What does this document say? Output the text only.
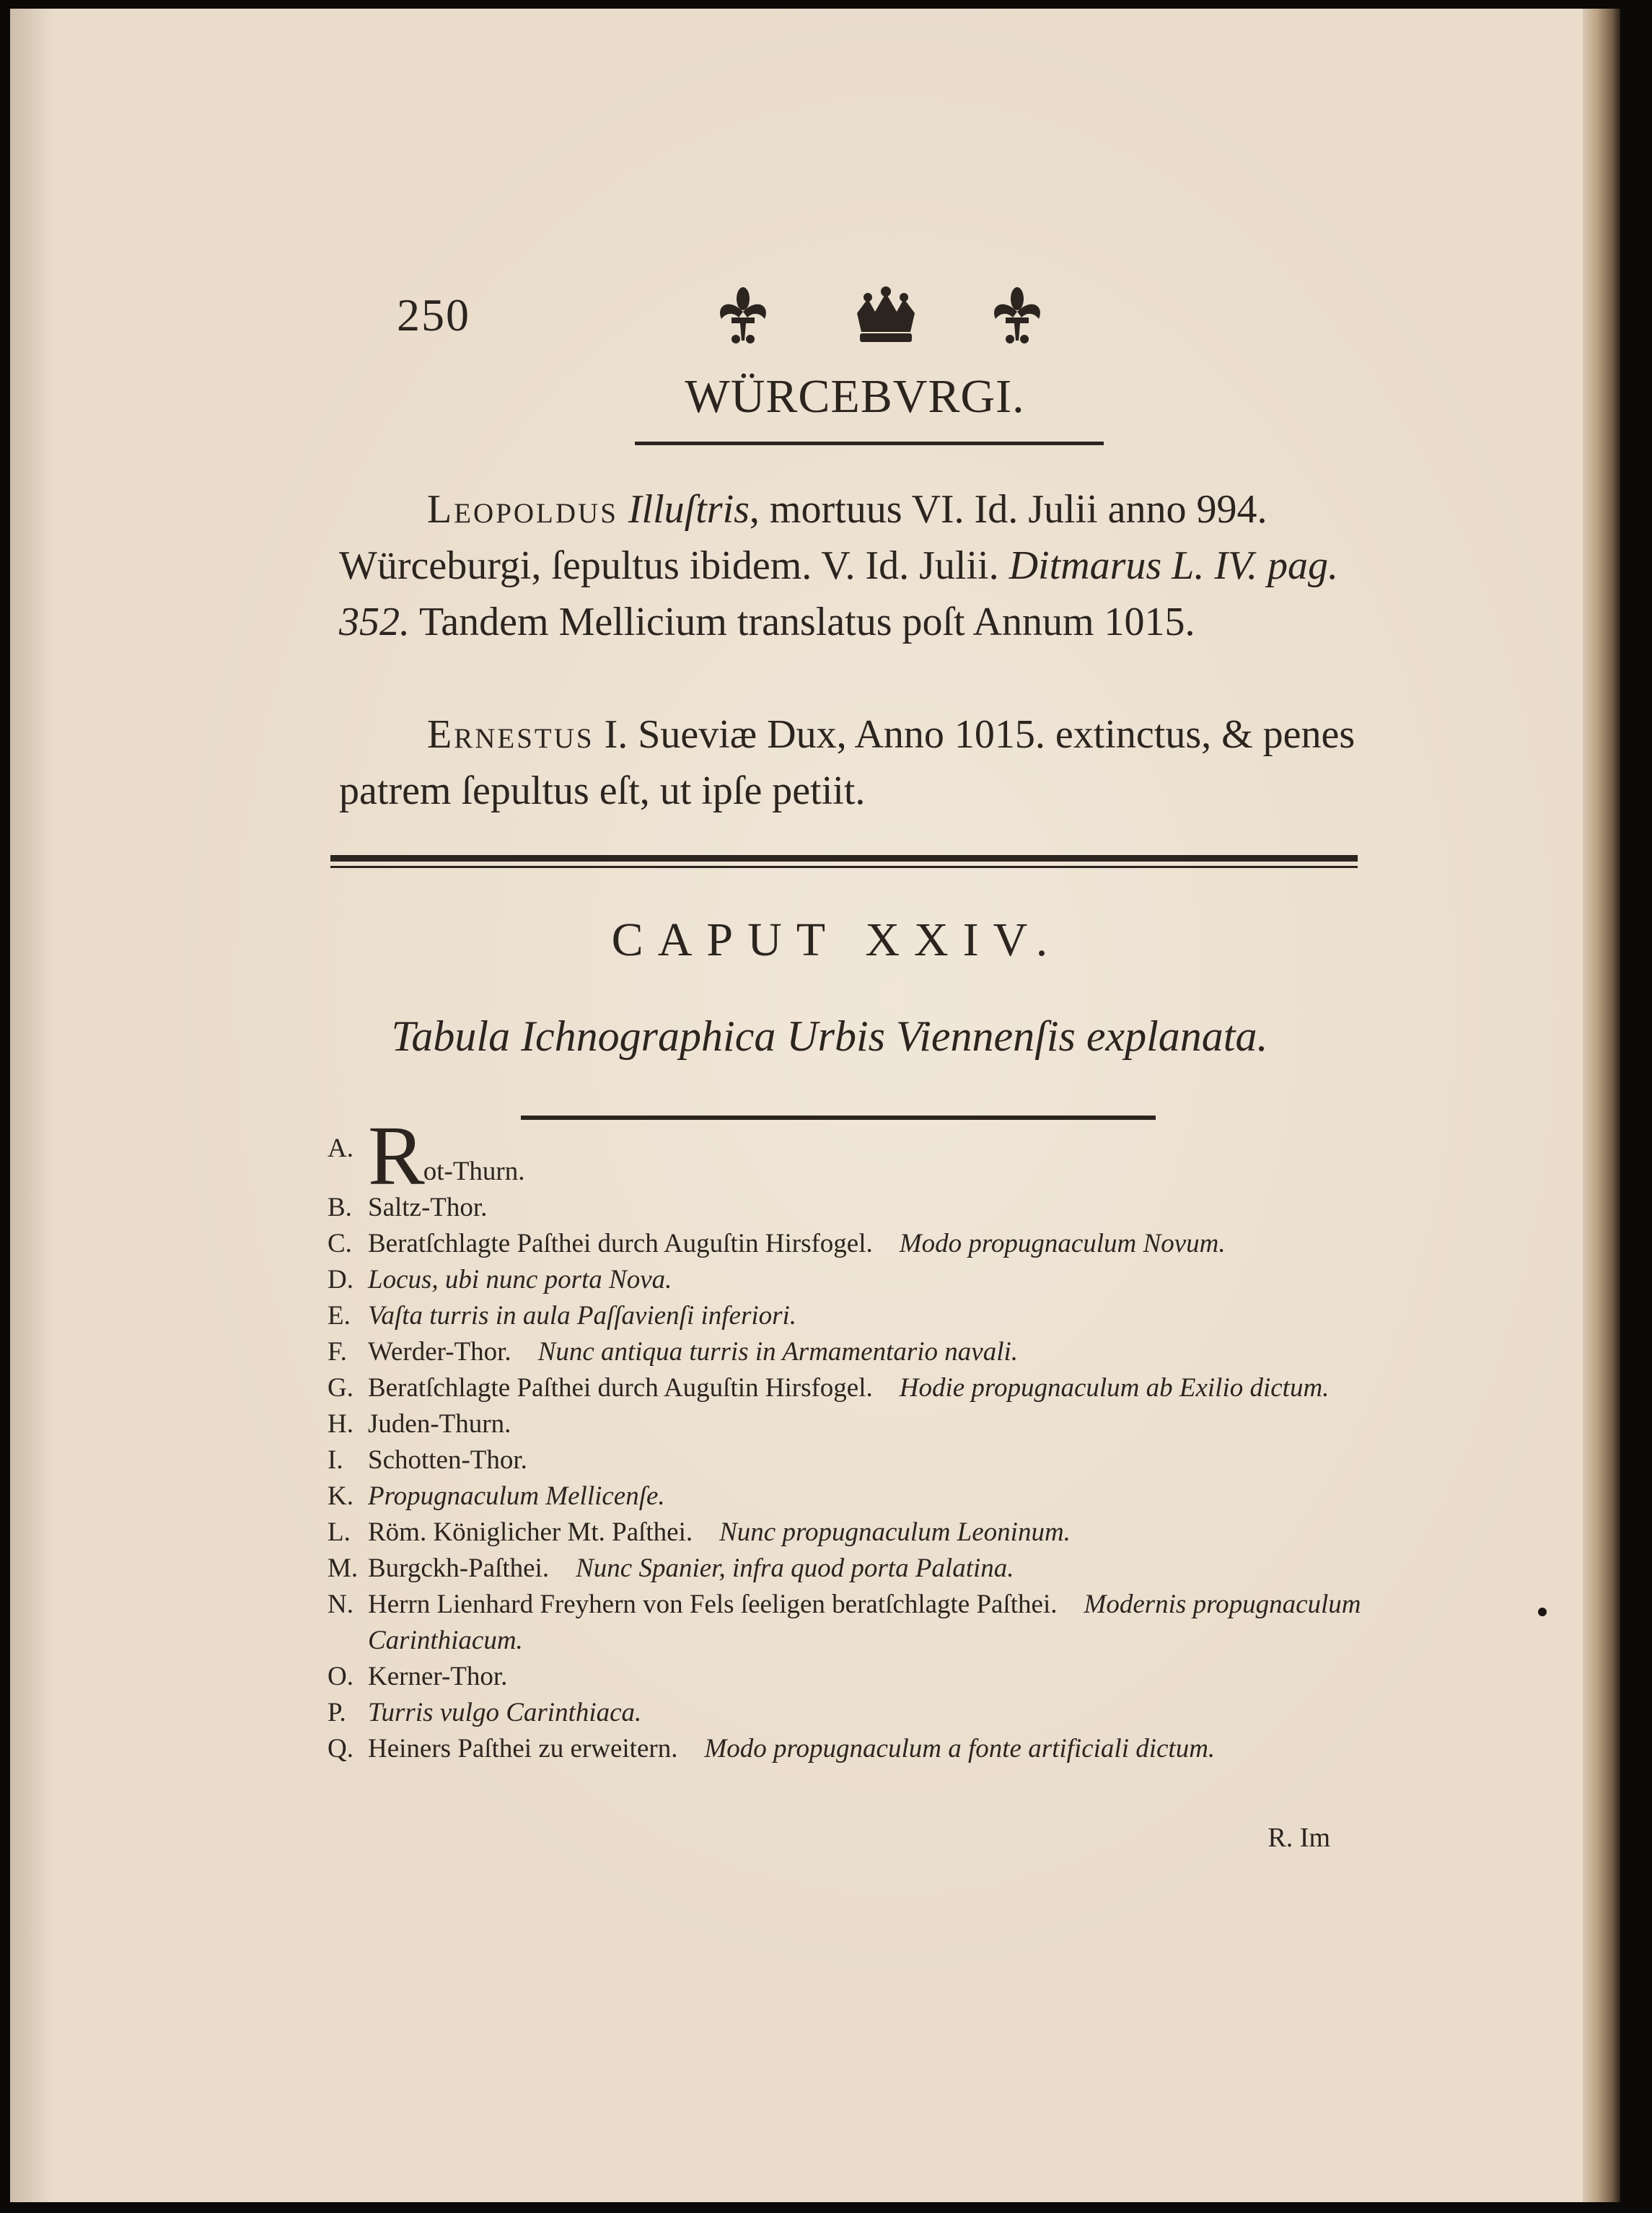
250
WÜRCEBVRGI.
Leopoldus Illuſtris, mortuus VI. Id. Julii anno 994. Würceburgi, ſepultus ibidem. V. Id. Julii. Ditmarus L. IV. pag. 352. Tandem Mellicium translatus poſt Annum 1015.
Ernestus I. Sueviæ Dux, Anno 1015. extinctus, & penes patrem ſepultus eſt, ut ipſe petiit.
CAPUT XXIV.
Tabula Ichnographica Urbis Viennenſis explanata.
A. Rot-Thurn.
B. Saltz-Thor.
C. Beratſchlagte Paſthei durch Auguſtin Hirsfogel.  Modo propugnaculum Novum.
D. Locus, ubi nunc porta Nova.
E. Vaſta turris in aula Paſſavienſi inferiori.
F. Werder-Thor.  Nunc antiqua turris in Armamentario navali.
G. Beratſchlagte Paſthei durch Auguſtin Hirsfogel.  Hodie propugnaculum ab Exilio dictum.
H. Juden-Thurn.
I. Schotten-Thor.
K. Propugnaculum Mellicenſe.
L. Röm. Königlicher Mt. Paſthei.  Nunc propugnaculum Leoninum.
M. Burgckh-Paſthei.  Nunc Spanier, infra quod porta Palatina.
N. Herrn Lienhard Freyhern von Fels ſeeligen beratſchlagte Paſthei.  Modernis propugnaculum Carinthiacum.
O. Kerner-Thor.
P. Turris vulgo Carinthiaca.
Q. Heiners Paſthei zu erweitern.  Modo propugnaculum a fonte artificiali dictum.
R. Im
